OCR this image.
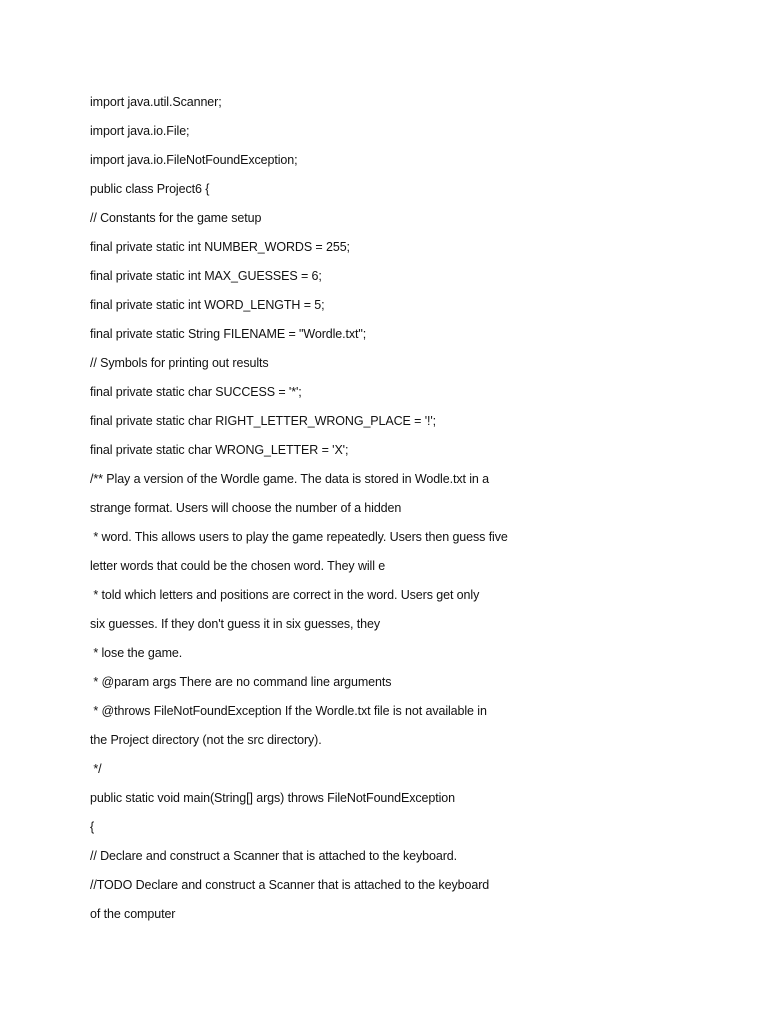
import java.util.Scanner;
import java.io.File;
import java.io.FileNotFoundException;
public class Project6 {
// Constants for the game setup
final private static int NUMBER_WORDS = 255;
final private static int MAX_GUESSES = 6;
final private static int WORD_LENGTH = 5;
final private static String FILENAME = "Wordle.txt";
// Symbols for printing out results
final private static char SUCCESS = '*';
final private static char RIGHT_LETTER_WRONG_PLACE = '!';
final private static char WRONG_LETTER = 'X';
/** Play a version of the Wordle game. The data is stored in Wodle.txt in a
strange format. Users will choose the number of a hidden
* word. This allows users to play the game repeatedly. Users then guess five
letter words that could be the chosen word. They will e
* told which letters and positions are correct in the word. Users get only
six guesses. If they don't guess it in six guesses, they
* lose the game.
* @param args There are no command line arguments
* @throws FileNotFoundException If the Wordle.txt file is not available in
the Project directory (not the src directory).
*/
public static void main(String[] args) throws FileNotFoundException
{
// Declare and construct a Scanner that is attached to the keyboard.
//TODO Declare and construct a Scanner that is attached to the keyboard
of the computer
